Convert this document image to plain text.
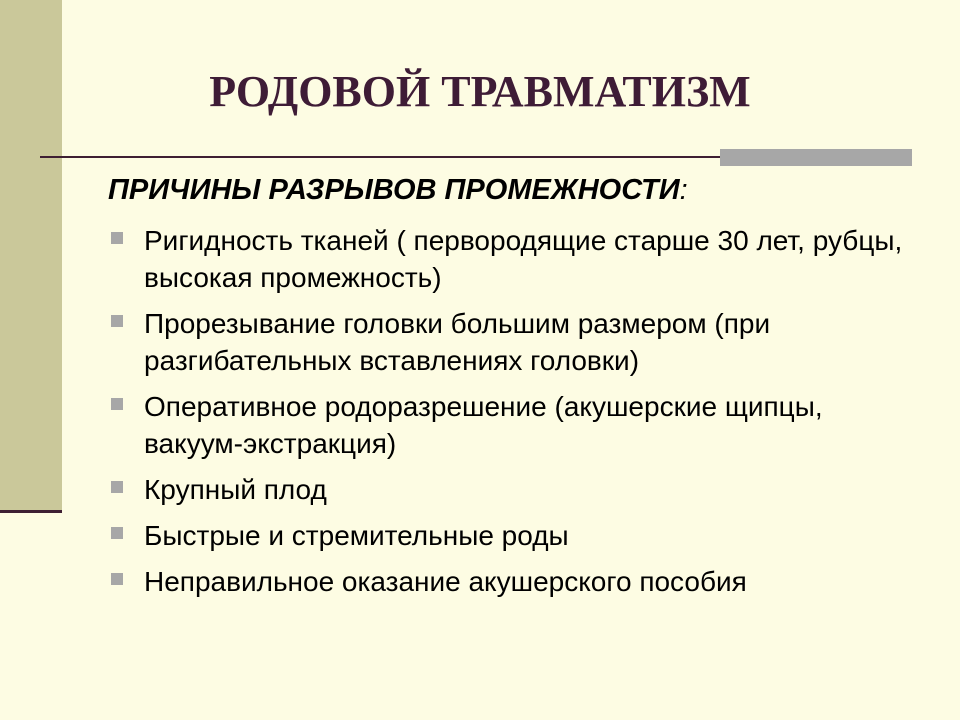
РОДОВОЙ ТРАВМАТИЗМ
ПРИЧИНЫ РАЗРЫВОВ ПРОМЕЖНОСТИ:
Ригидность тканей ( первородящие старше 30 лет, рубцы, высокая промежность)
Прорезывание головки большим размером (при разгибательных вставлениях головки)
Оперативное родоразрешение (акушерские щипцы, вакуум-экстракция)
Крупный плод
Быстрые и стремительные роды
Неправильное оказание акушерского пособия
